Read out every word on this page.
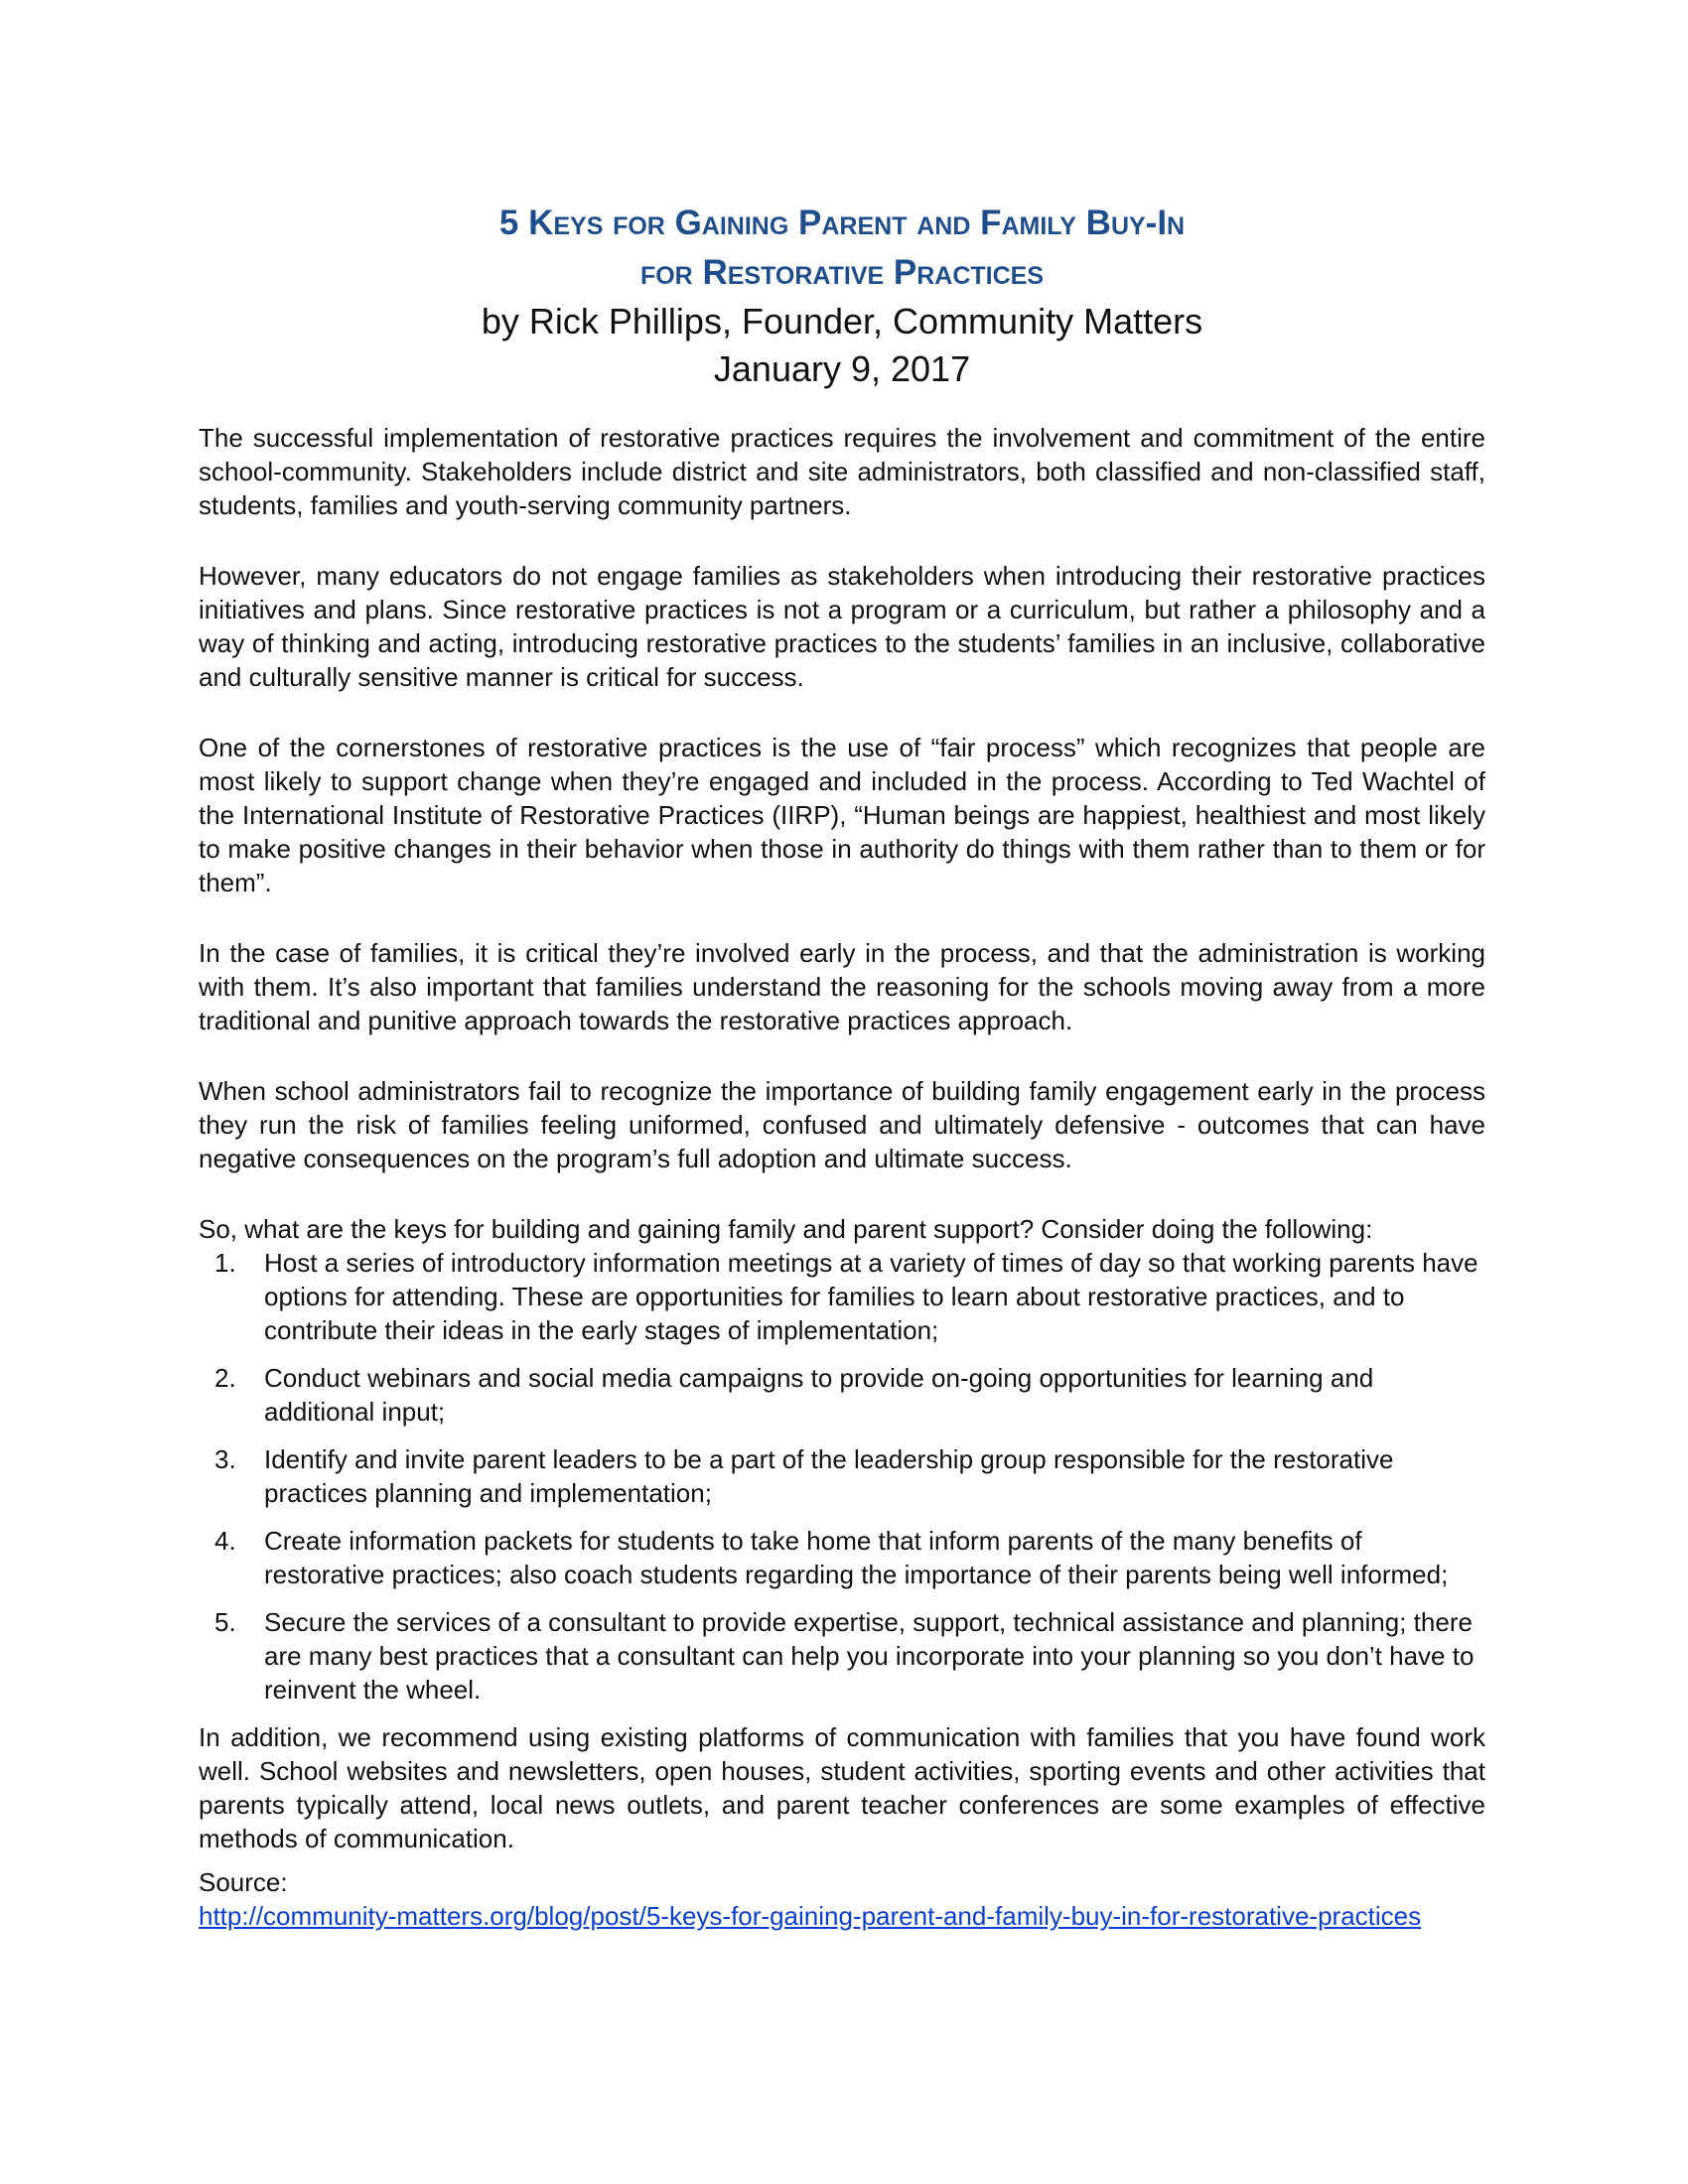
5 Keys for Gaining Parent and Family Buy-In
for Restorative Practices

by Rick Phillips, Founder, Community Matters

January 9, 2017

The successful implementation of restorative practices requires the involvement and commitment of the entire school-community. Stakeholders include district and site administrators, both classified and non-classified staff, students, families and youth-serving community partners.

However, many educators do not engage families as stakeholders when introducing their restorative practices initiatives and plans. Since restorative practices is not a program or a curriculum, but rather a philosophy and a way of thinking and acting, introducing restorative practices to the students’ families in an inclusive, collaborative and culturally sensitive manner is critical for success.

One of the cornerstones of restorative practices is the use of “fair process” which recognizes that people are most likely to support change when they’re engaged and included in the process. According to Ted Wachtel of the International Institute of Restorative Practices (IIRP), “Human beings are happiest, healthiest and most likely to make positive changes in their behavior when those in authority do things with them rather than to them or for them”.

In the case of families, it is critical they’re involved early in the process, and that the administration is working with them. It’s also important that families understand the reasoning for the schools moving away from a more traditional and punitive approach towards the restorative practices approach.

When school administrators fail to recognize the importance of building family engagement early in the process they run the risk of families feeling uniformed, confused and ultimately defensive - outcomes that can have negative consequences on the program’s full adoption and ultimate success.

So, what are the keys for building and gaining family and parent support? Consider doing the following:

1. Host a series of introductory information meetings at a variety of times of day so that working parents have options for attending. These are opportunities for families to learn about restorative practices, and to contribute their ideas in the early stages of implementation;
2. Conduct webinars and social media campaigns to provide on-going opportunities for learning and additional input;
3. Identify and invite parent leaders to be a part of the leadership group responsible for the restorative practices planning and implementation;
4. Create information packets for students to take home that inform parents of the many benefits of restorative practices; also coach students regarding the importance of their parents being well informed;
5. Secure the services of a consultant to provide expertise, support, technical assistance and planning; there are many best practices that a consultant can help you incorporate into your planning so you don’t have to reinvent the wheel.

In addition, we recommend using existing platforms of communication with families that you have found work well. School websites and newsletters, open houses, student activities, sporting events and other activities that parents typically attend, local news outlets, and parent teacher conferences are some examples of effective methods of communication.

Source:

http://community-matters.org/blog/post/5-keys-for-gaining-parent-and-family-buy-in-for-restorative-practices
